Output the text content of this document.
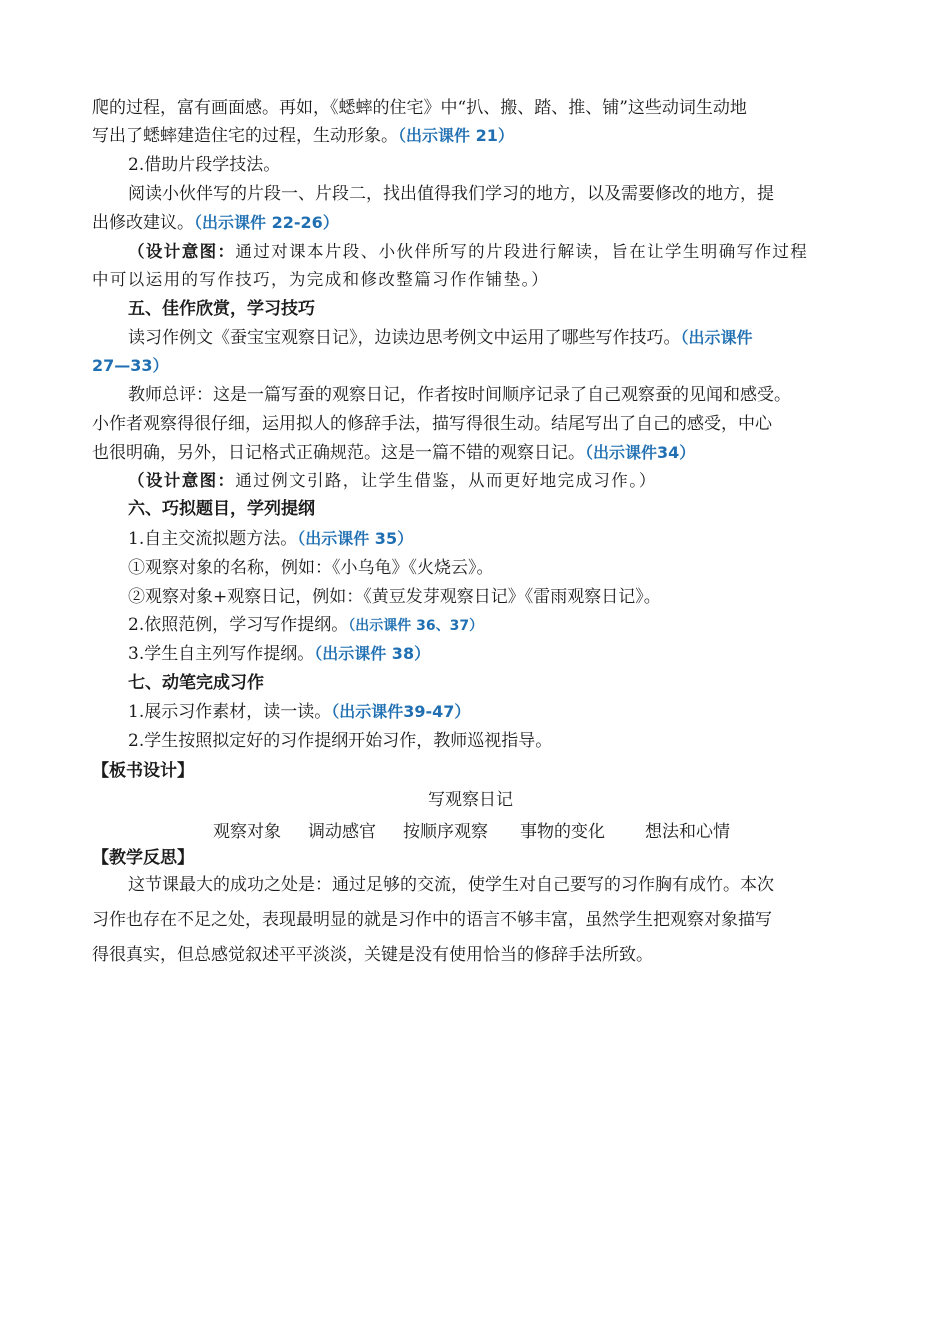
爬的过程，富有画面感。再如，《蟋蟀的住宅》中“扒、搬、踏、推、铺”这些动词生动地
写出了蟋蟀建造住宅的过程，生动形象。（出示课件 21）
2.借助片段学技法。
阅读小伙伴写的片段一、片段二，找出值得我们学习的地方，以及需要修改的地方，提
出修改建议。（出示课件 22-26）
（设计意图：通过对课本片段、小伙伴所写的片段进行解读，旨在让学生明确写作过程
中可以运用的写作技巧，为完成和修改整篇习作作铺垫。）
五、佳作欣赏，学习技巧
读习作例文《蚕宝宝观察日记》，边读边思考例文中运用了哪些写作技巧。（出示课件
27—33）
教师总评：这是一篇写蚕的观察日记，作者按时间顺序记录了自己观察蚕的见闻和感受。
小作者观察得很仔细，运用拟人的修辞手法，描写得很生动。结尾写出了自己的感受，中心
也很明确，另外，日记格式正确规范。这是一篇不错的观察日记。（出示课件34）
（设计意图：通过例文引路，让学生借鉴，从而更好地完成习作。）
六、巧拟题目，学列提纲
1.自主交流拟题方法。（出示课件 35）
①观察对象的名称，例如：《小乌龟》《火烧云》。
②观察对象+观察日记，例如：《黄豆发芽观察日记》《雷雨观察日记》。
2.依照范例，学习写作提纲。（出示课件 36、37）
3.学生自主列写作提纲。（出示课件 38）
七、动笔完成习作
1.展示习作素材，读一读。（出示课件39-47）
2.学生按照拟定好的习作提纲开始习作，教师巡视指导。
【板书设计】
写观察日记
观察对象 调动感官 按顺序观察 事物的变化 想法和心情
【教学反思】
这节课最大的成功之处是：通过足够的交流，使学生对自己要写的习作胸有成竹。本次
习作也存在不足之处，表现最明显的就是习作中的语言不够丰富，虽然学生把观察对象描写
得很真实，但总感觉叙述平平淡淡，关键是没有使用恰当的修辞手法所致。
